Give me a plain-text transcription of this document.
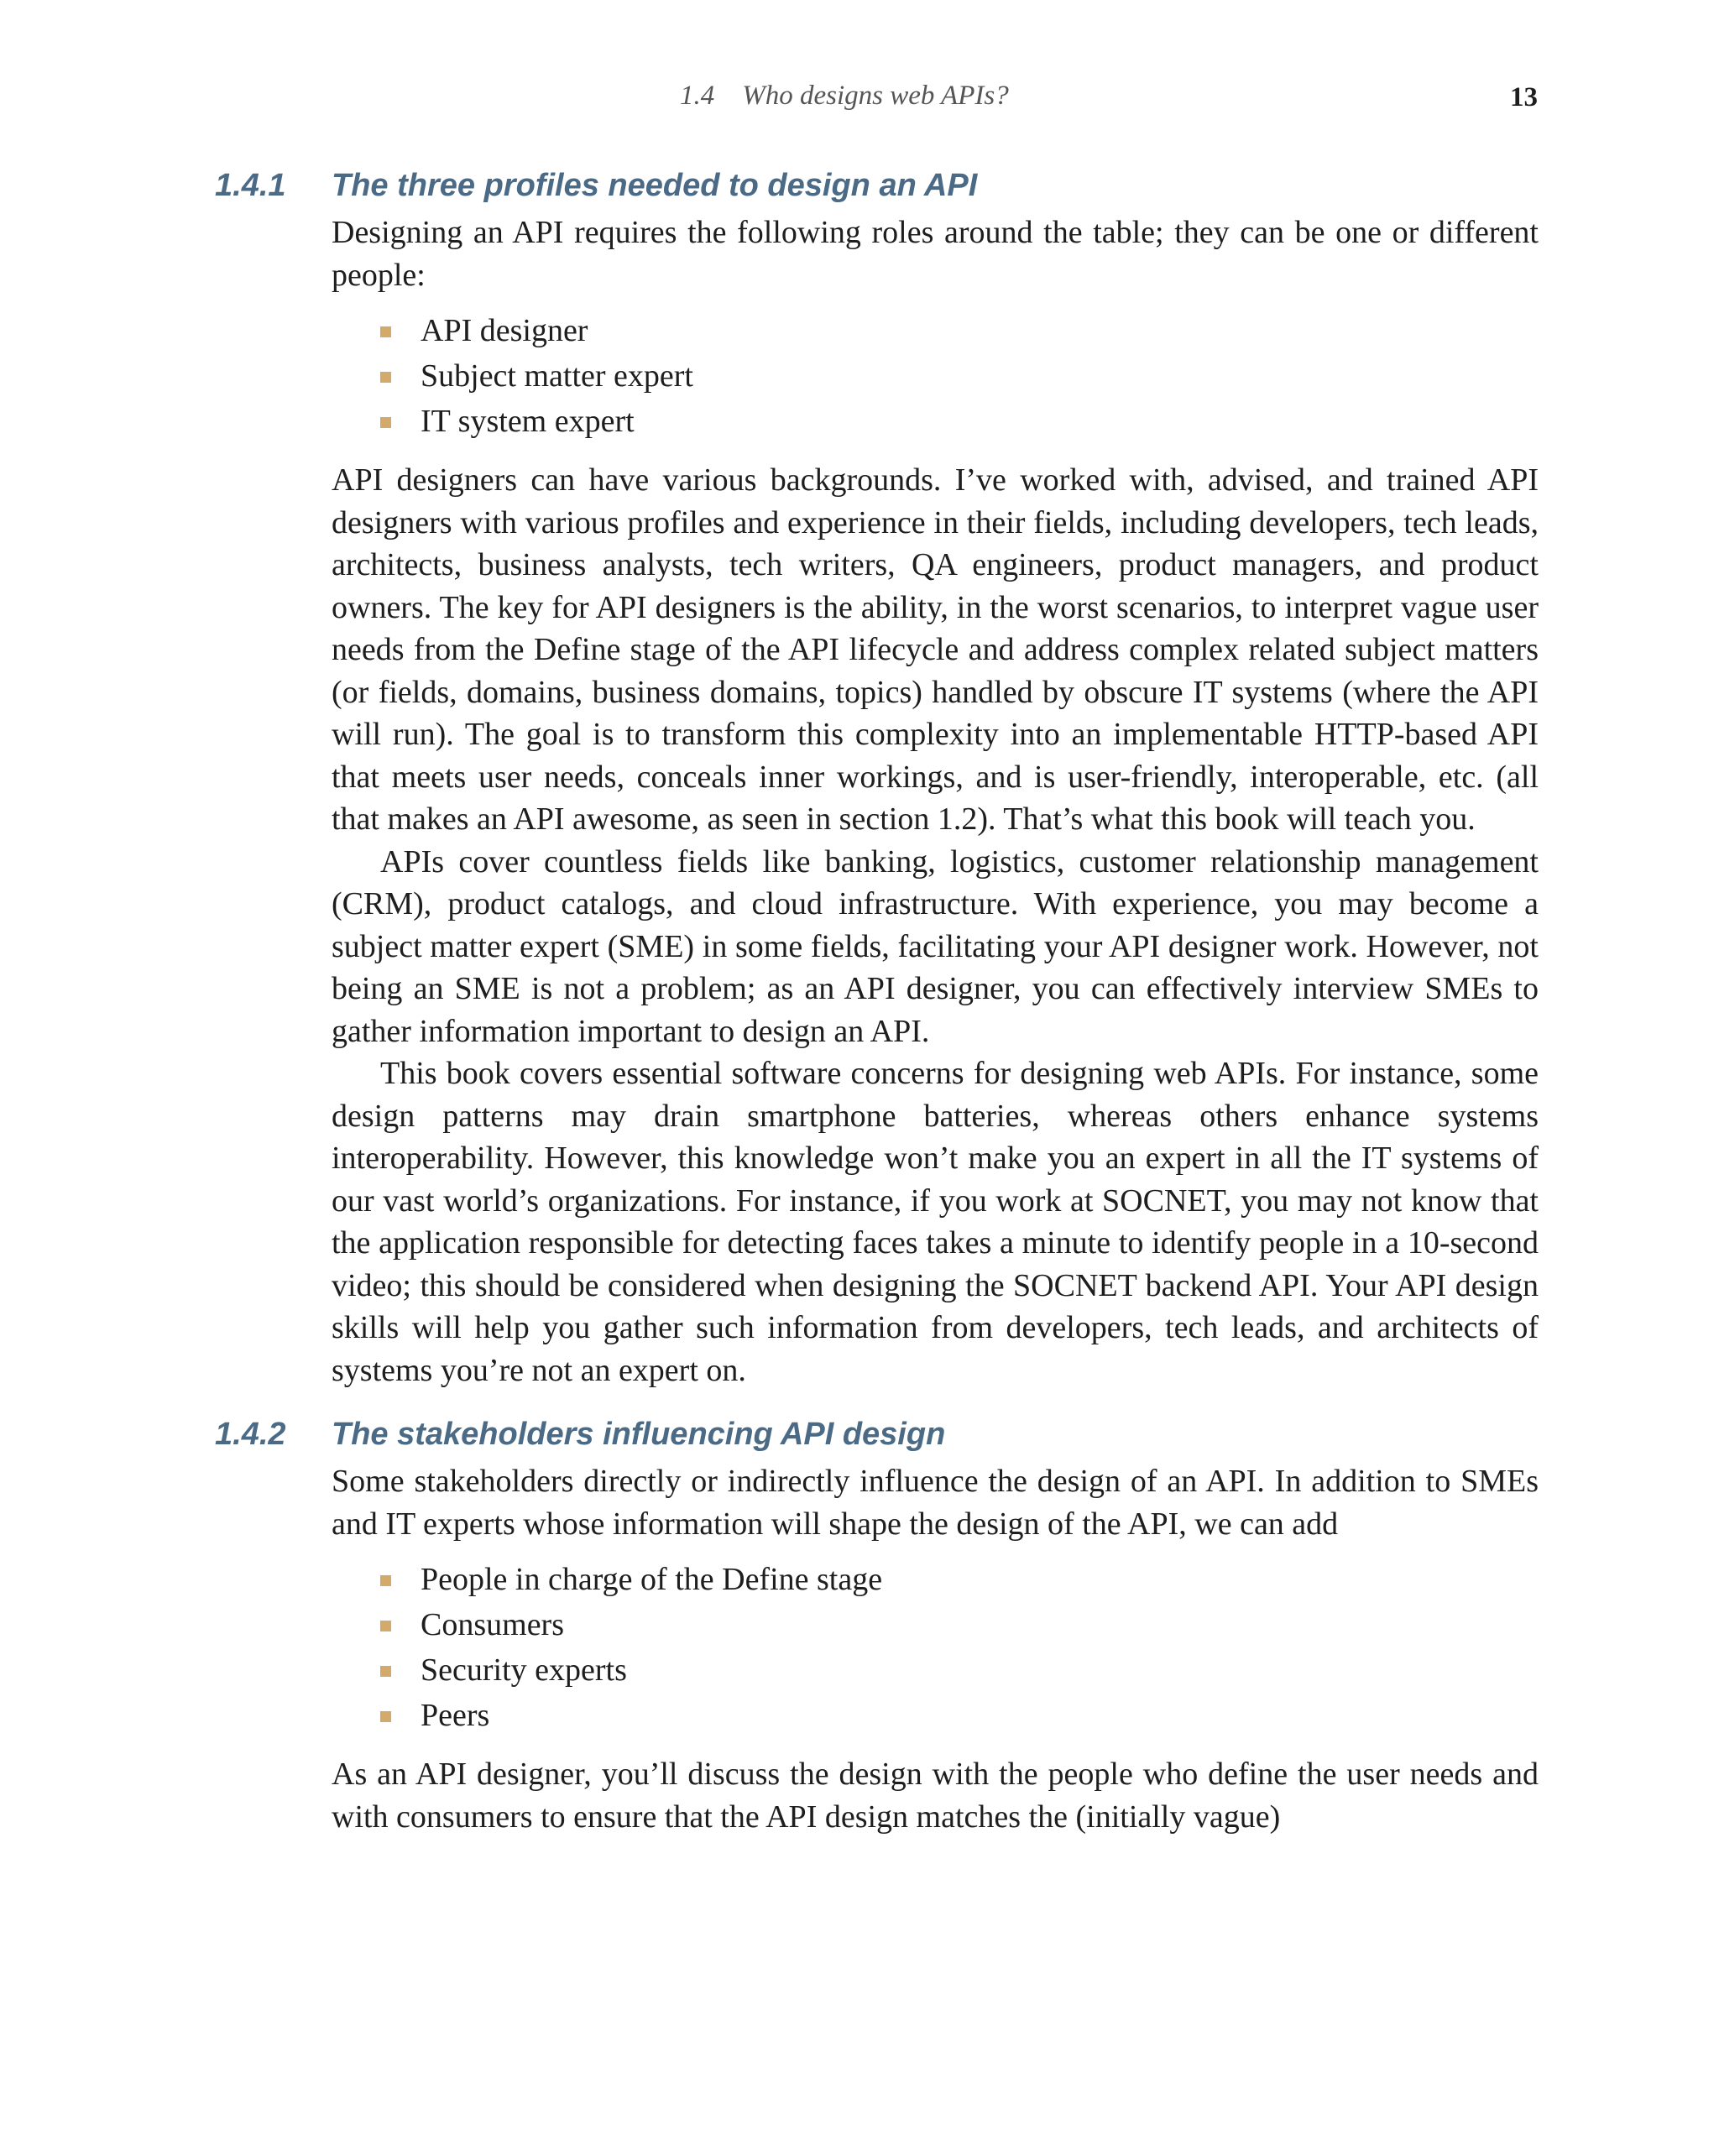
1.4    Who designs web APIs?	13
1.4.1 The three profiles needed to design an API

Designing an API requires the following roles around the table; they can be one or different people:

API designer
Subject matter expert
IT system expert

API designers can have various backgrounds. I’ve worked with, advised, and trained API designers with various profiles and experience in their fields, including developers, tech leads, architects, business analysts, tech writers, QA engineers, product managers, and product owners. The key for API designers is the ability, in the worst scenarios, to interpret vague user needs from the Define stage of the API lifecycle and address complex related subject matters (or fields, domains, business domains, topics) handled by obscure IT systems (where the API will run). The goal is to transform this complexity into an implementable HTTP-based API that meets user needs, conceals inner workings, and is user-friendly, interoperable, etc. (all that makes an API awesome, as seen in section 1.2). That’s what this book will teach you.

APIs cover countless fields like banking, logistics, customer relationship management (CRM), product catalogs, and cloud infrastructure. With experience, you may become a subject matter expert (SME) in some fields, facilitating your API designer work. However, not being an SME is not a problem; as an API designer, you can effectively interview SMEs to gather information important to design an API.

This book covers essential software concerns for designing web APIs. For instance, some design patterns may drain smartphone batteries, whereas others enhance systems interoperability. However, this knowledge won’t make you an expert in all the IT systems of our vast world’s organizations. For instance, if you work at SOCNET, you may not know that the application responsible for detecting faces takes a minute to identify people in a 10-second video; this should be considered when designing the SOCNET backend API. Your API design skills will help you gather such information from developers, tech leads, and architects of systems you’re not an expert on.

1.4.2 The stakeholders influencing API design

Some stakeholders directly or indirectly influence the design of an API. In addition to SMEs and IT experts whose information will shape the design of the API, we can add

People in charge of the Define stage
Consumers
Security experts
Peers

As an API designer, you’ll discuss the design with the people who define the user needs and with consumers to ensure that the API design matches the (initially vague)
